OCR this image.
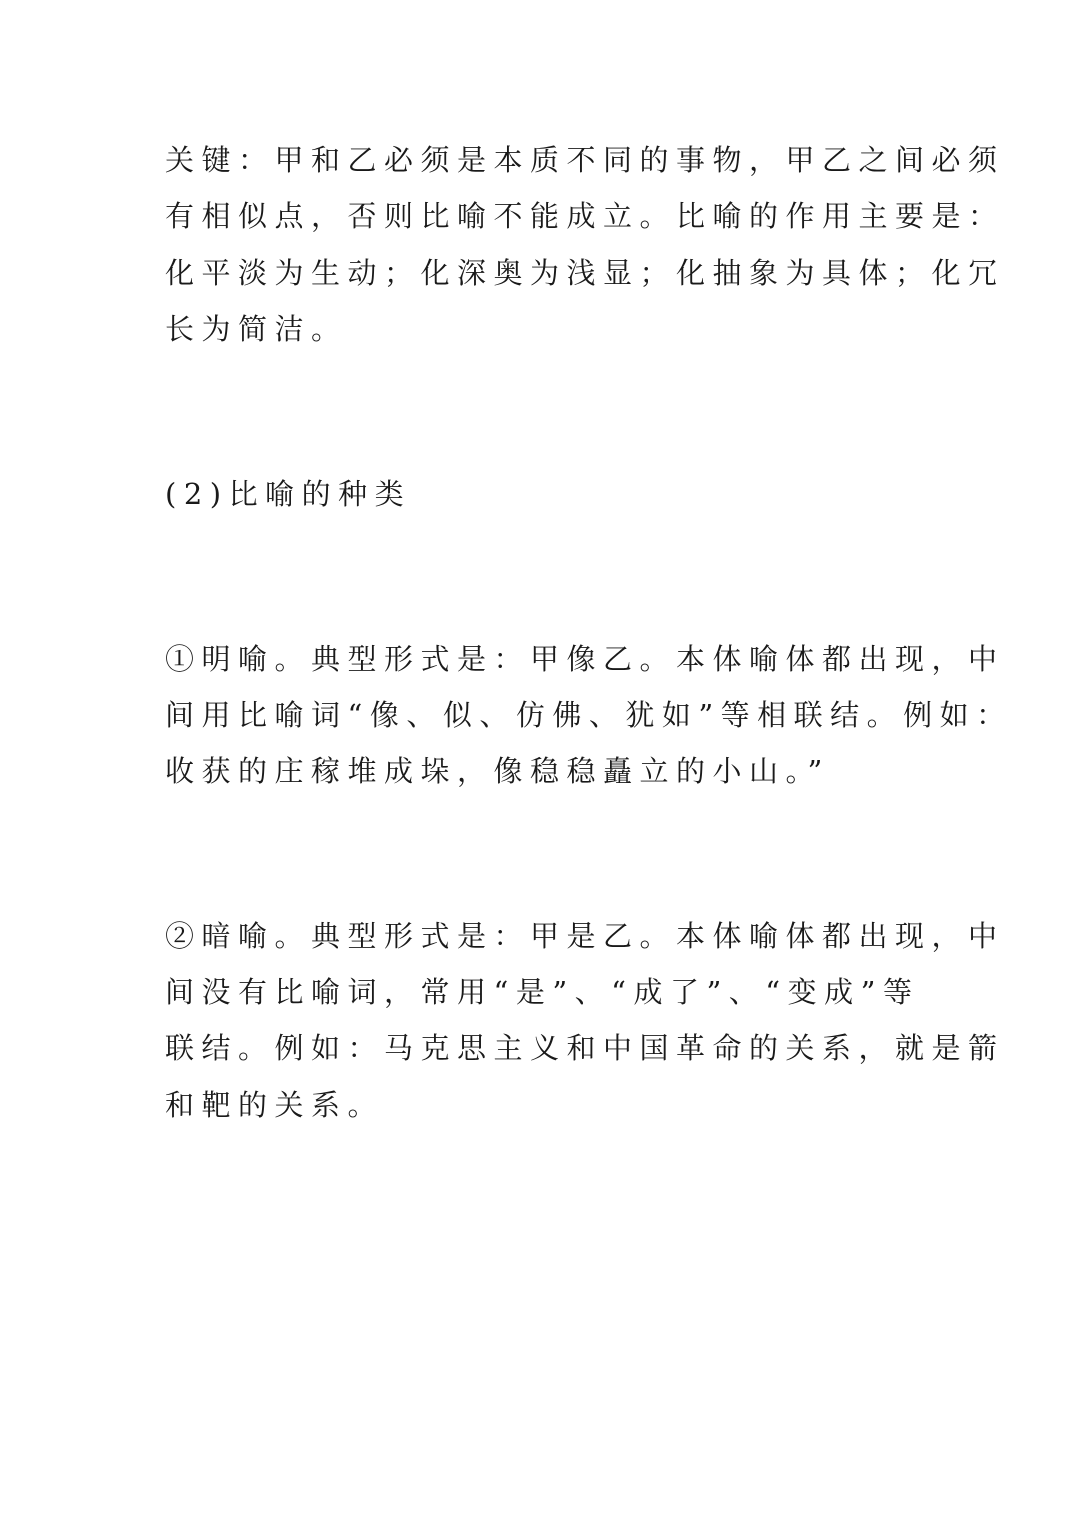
关键：甲和乙必须是本质不同的事物，甲乙之间必须
有相似点，否则比喻不能成立。比喻的作用主要是：
化平淡为生动；化深奥为浅显；化抽象为具体；化冗
长为简洁。
(2)比喻的种类
①明喻。典型形式是：甲像乙。本体喻体都出现，中
间用比喻词“像、似、仿佛、犹如”等相联结。例如：
收获的庄稼堆成垛，像稳稳矗立的小山。”
②暗喻。典型形式是：甲是乙。本体喻体都出现，中
间没有比喻词，常用“是”、“成了”、“变成”等
联结。例如：马克思主义和中国革命的关系，就是箭
和靶的关系。
